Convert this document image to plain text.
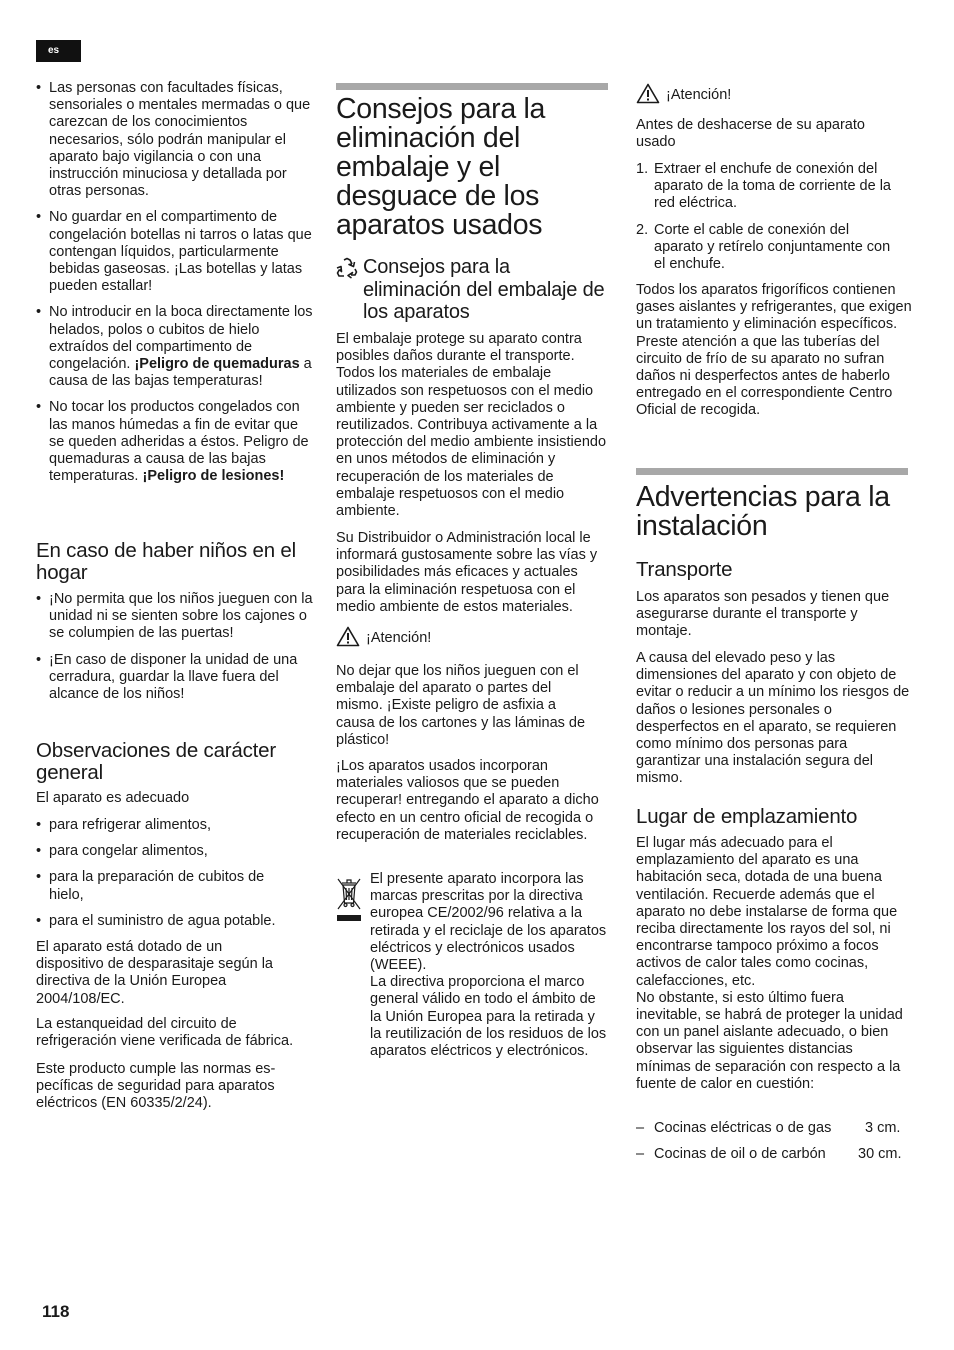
es
• Las personas con facultades físicas, sensoriales o mentales mermadas o que carezcan de los conocimientos necesarios, sólo podrán manipular el aparato bajo vigilancia o con una instrucción minuciosa y detallada por otras personas.
• No guardar en el compartimento de congelación botellas ni tarros o latas que contengan líquidos, particularmente bebidas gaseosas. ¡Las botellas y latas pueden estallar!
• No introducir en la boca directamente los helados, polos o cubitos de hielo extraídos del compartimento de congelación. ¡Peligro de quemaduras a causa de las bajas temperaturas!
• No tocar los productos congelados con las manos húmedas a fin de evitar que se queden adheridas a éstos. Peligro de quemaduras a causa de las bajas temperaturas. ¡Peligro de lesiones!
En caso de haber niños en el hogar
• ¡No permita que los niños jueguen con la unidad ni se sienten sobre los cajones o se columpien de las puertas!
• ¡En caso de disponer la unidad de una cerradura, guardar la llave fuera del alcance de los niños!
Observaciones de carácter general

El aparato es adecuado

• para refrigerar alimentos,
• para congelar alimentos,
• para la preparación de cubitos de hielo,
• para el suministro de agua potable.

El aparato está dotado de un dispositivo de desparasitaje según la directiva de la Unión Europea 2004/108/EC.

La estanqueidad del circuito de refrigeración viene verificada de fábrica.

Este producto cumple las normas es-pecíficas de seguridad para aparatos eléctricos (EN 60335/2/24).

Consejos para la eliminación del embalaje y el desguace de los aparatos usados
Consejos para la eliminación del embalaje de los aparatos

El embalaje protege su aparato contra posibles daños durante el transporte. Todos los materiales de embalaje utilizados son respetuosos con el medio ambiente y pueden ser reciclados o reutilizados. Contribuya activamente a la protección del medio ambiente insistiendo en unos métodos de eliminación y recuperación de los materiales de embalaje respetuosos con el medio ambiente.

Su Distribuidor o Administración local le informará gustosamente sobre las vías y posibilidades más eficaces y actuales para la eliminación respetuosa con el medio ambiente de estos materiales.

¡Atención!

No dejar que los niños jueguen con el embalaje del aparato o partes del mismo. ¡Existe peligro de asfixia a causa de los cartones y las láminas de plástico!

¡Los aparatos usados incorporan materiales valiosos que se pueden recuperar! entregando el aparato a dicho efecto en un centro oficial de recogida o recuperación de materiales reciclables.

El presente aparato incorpora las marcas prescritas por la directiva europea CE/2002/96 relativa a la retirada y el reciclaje de los aparatos eléctricos y electrónicos usados (WEEE).

La directiva proporciona el marco general válido en todo el ámbito de la Unión Europea para la retirada y la reutilización de los residuos de los aparatos eléctricos y electrónicos.

¡Atención!

Antes de deshacerse de su aparato usado

1. Extraer el enchufe de conexión del aparato de la toma de corriente de la red eléctrica.
2. Corte el cable de conexión del aparato y retírelo conjuntamente con el enchufe.

Todos los aparatos frigoríficos contienen gases aislantes y refrigerantes, que exigen un tratamiento y eliminación específicos. Preste atención a que las tuberías del circuito de frío de su aparato no sufran daños ni desperfectos antes de haberlo entregado en el correspondiente Centro Oficial de recogida.

Advertencias para la instalación
Transporte

Los aparatos son pesados y tienen que asegurarse durante el transporte y montaje.

A causa del elevado peso y las dimensiones del aparato y con objeto de evitar o reducir a un mínimo los riesgos de daños o lesiones personales o desperfectos en el aparato, se requieren como mínimo dos personas para garantizar una instalación segura del mismo.

Lugar de emplazamiento

El lugar más adecuado para el emplazamiento del aparato es una habitación seca, dotada de una buena ventilación. Recuerde además que el aparato no debe instalarse de forma que reciba directamente los rayos del sol, ni encontrarse tampoco próximo a focos activos de calor tales como cocinas, calefacciones, etc.

No obstante, si esto último fuera inevitable, se habrá de proteger la unidad con un panel aislante adecuado, o bien observar las siguientes distancias mínimas de separación con respecto a la fuente de calor en cuestión:

– Cocinas eléctricas o de gas	3 cm.
– Cocinas de oil o de carbón	30 cm.
118
